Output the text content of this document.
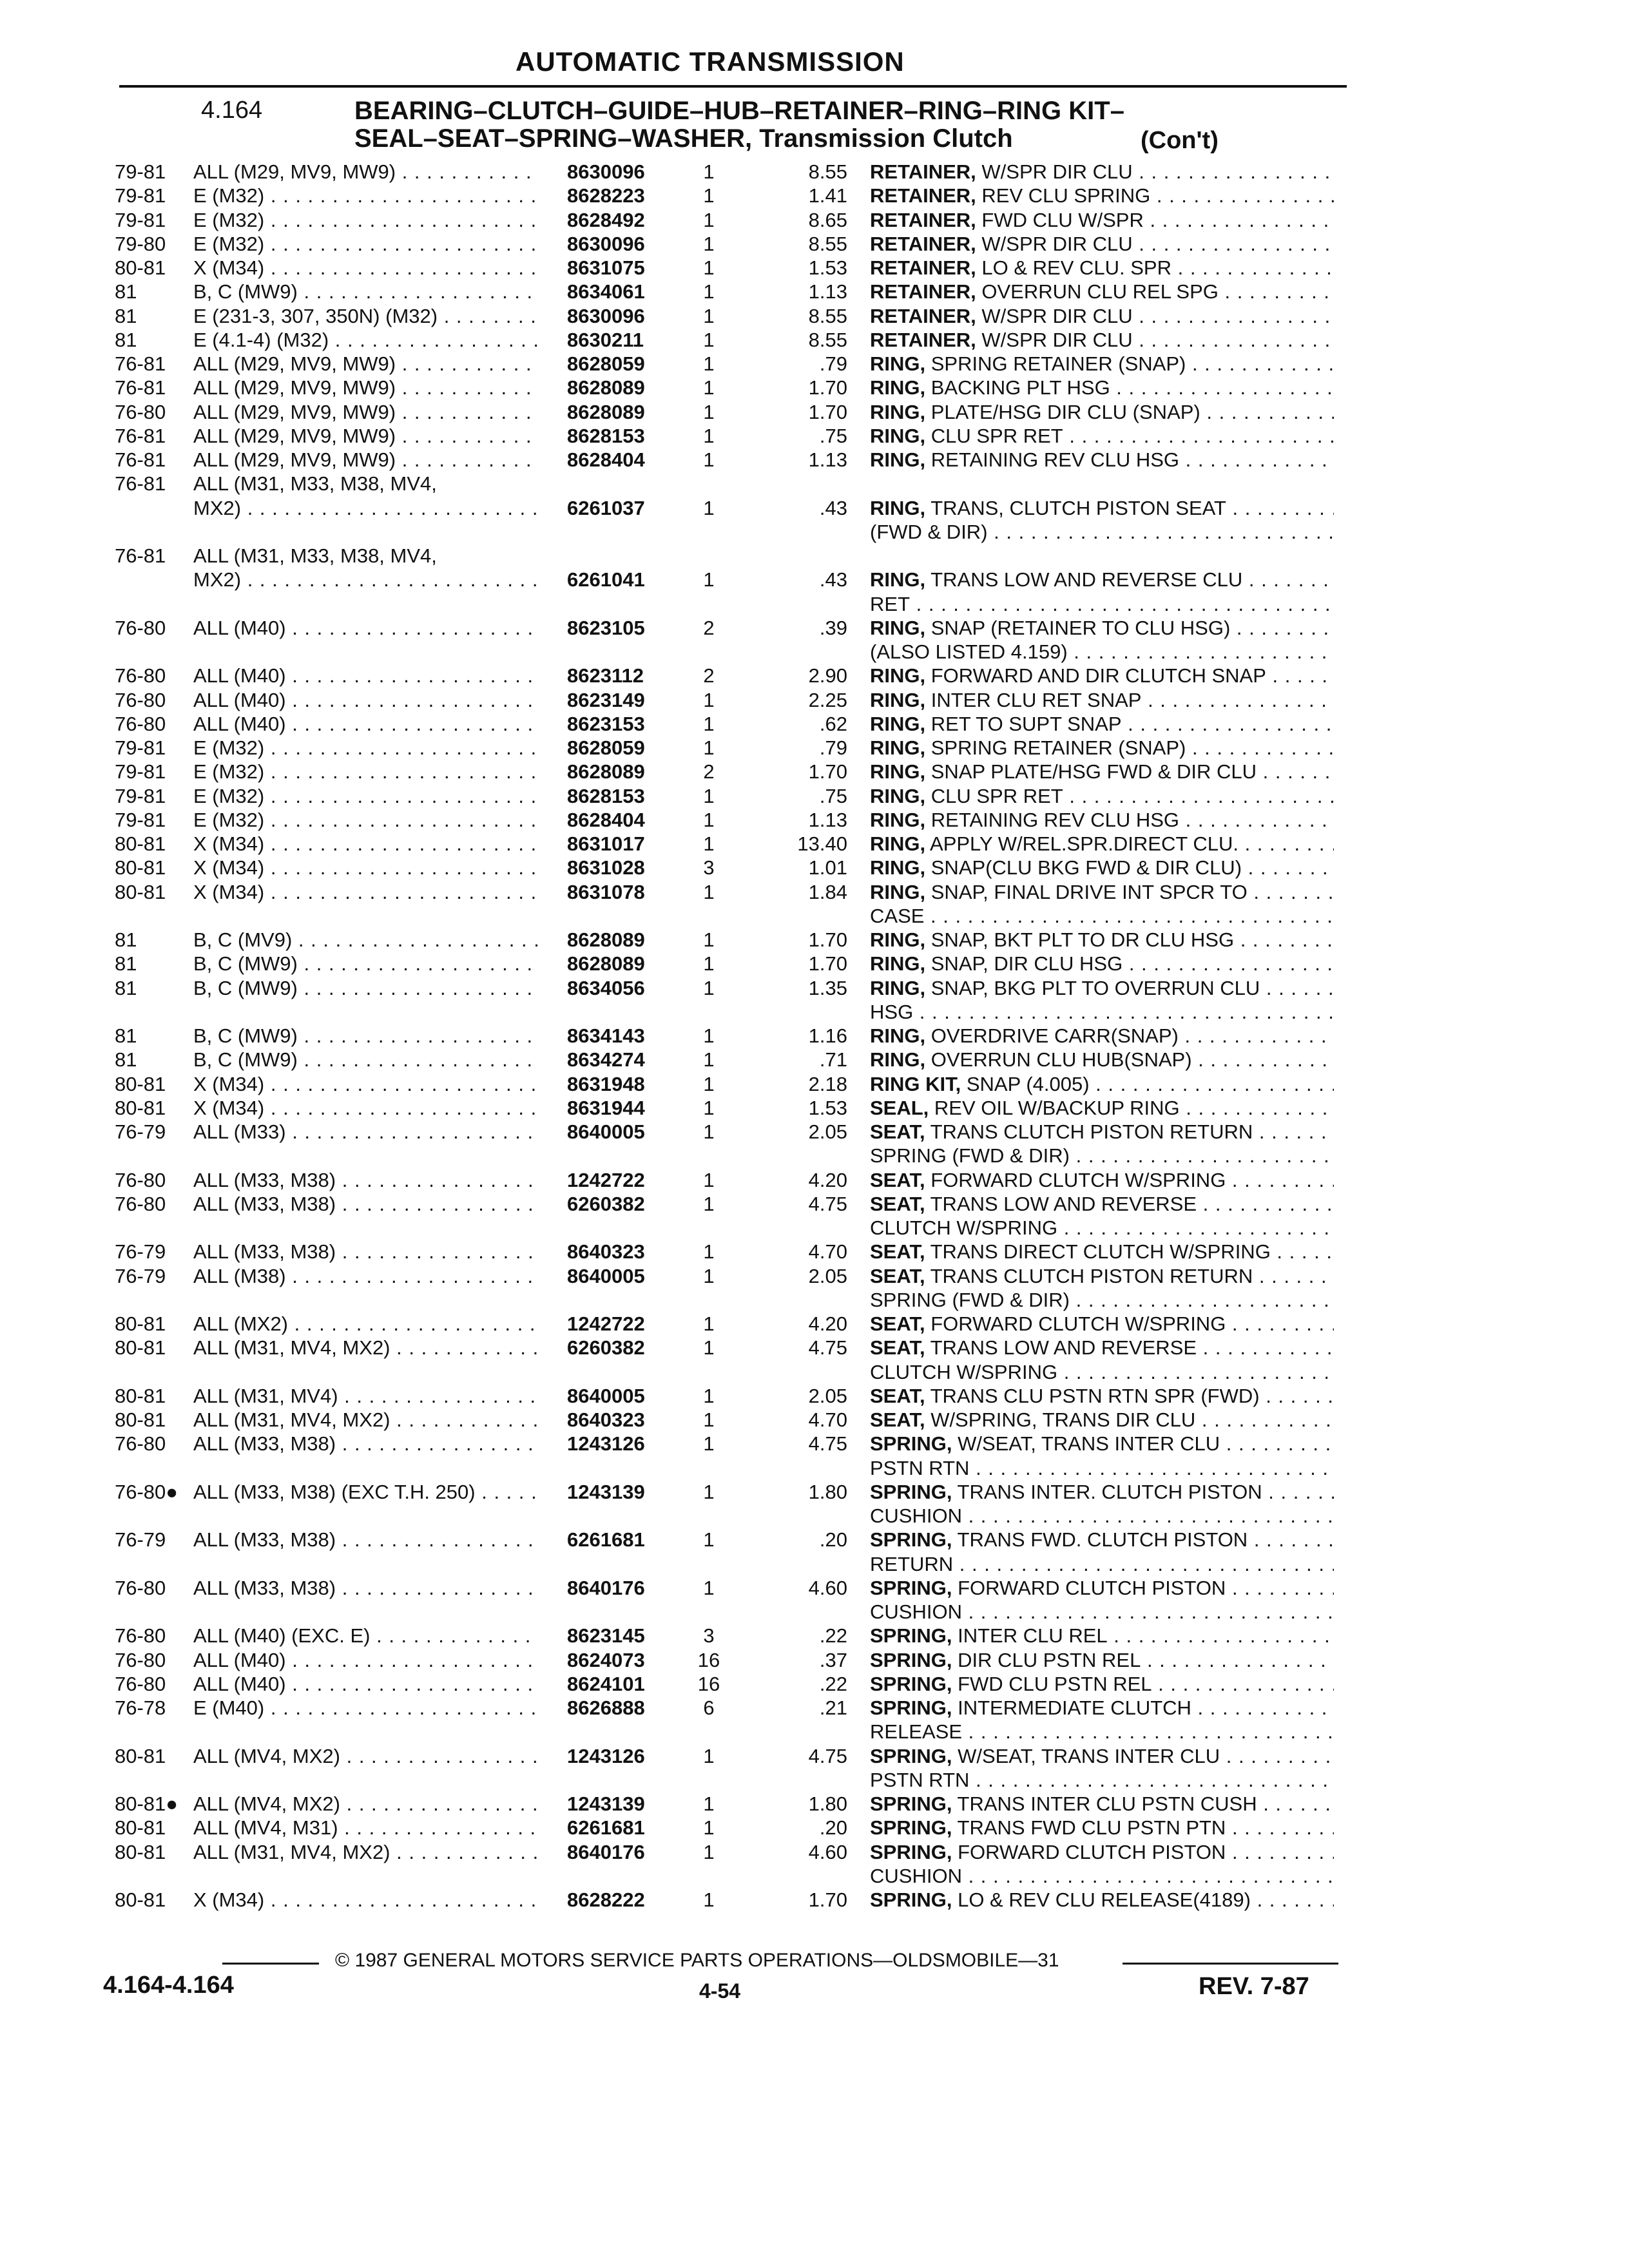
AUTOMATIC TRANSMISSION
4.164	BEARING–CLUTCH–GUIDE–HUB–RETAINER–RING–RING KIT–
SEAL–SEAT–SPRING–WASHER, Transmission Clutch	(Con't)
79-81 ALL (M29, MV9, MW9) . . .	8630096	1	8.55 RETAINER, W/SPR DIR CLU . . .
79-81 E (M32) . . .	8628223	1	1.41 RETAINER, REV CLU SPRING . . .
79-81 E (M32) . . .	8628492	1	8.65 RETAINER, FWD CLU W/SPR . . .
79-80 E (M32) . . .	8630096	1	8.55 RETAINER, W/SPR DIR CLU . . .
80-81 X (M34) . . .	8631075	1	1.53 RETAINER, LO & REV CLU. SPR . . .
81	B, C (MW9) . . .	8634061	1	1.13 RETAINER, OVERRUN CLU REL SPG . . .
81	E (231-3, 307, 350N) (M32) . . .	8630096	1	8.55 RETAINER, W/SPR DIR CLU . . .
81	E (4.1-4) (M32) . . .	8630211	1	8.55 RETAINER, W/SPR DIR CLU . . .
76-81 ALL (M29, MV9, MW9) . . .	8628059	1	.79 RING, SPRING RETAINER (SNAP) . . .
76-81 ALL (M29, MV9, MW9) . . .	8628089	1	1.70 RING, BACKING PLT HSG . . .
76-80 ALL (M29, MV9, MW9) . . .	8628089	1	1.70 RING, PLATE/HSG DIR CLU (SNAP) . . .
76-81 ALL (M29, MV9, MW9) . . .	8628153	1	.75 RING, CLU SPR RET . . .
76-81 ALL (M29, MV9, MW9) . . .	8628404	1	1.13 RING, RETAINING REV CLU HSG . . .
76-81 ALL (M31, M33, M38, MV4,
MX2) . . .	6261037	1	.43 RING, TRANS, CLUTCH PISTON SEAT . . .
(FWD & DIR) . . .
76-81 ALL (M31, M33, M38, MV4,
MX2) . . .	6261041	1	.43 RING, TRANS LOW AND REVERSE CLU . . .
RET . . .
76-80 ALL (M40) . . .	8623105	2	.39 RING, SNAP (RETAINER TO CLU HSG) . . .
(ALSO LISTED 4.159) . . .
76-80 ALL (M40) . . .	8623112	2	2.90 RING, FORWARD AND DIR CLUTCH SNAP . . .
76-80 ALL (M40) . . .	8623149	1	2.25 RING, INTER CLU RET SNAP . . .
76-80 ALL (M40) . . .	8623153	1	.62 RING, RET TO SUPT SNAP . . .
79-81 E (M32) . . .	8628059	1	.79 RING, SPRING RETAINER (SNAP) . . .
79-81 E (M32) . . .	8628089	2	1.70 RING, SNAP PLATE/HSG FWD & DIR CLU . . .
79-81 E (M32) . . .	8628153	1	.75 RING, CLU SPR RET . . .
79-81 E (M32) . . .	8628404	1	1.13 RING, RETAINING REV CLU HSG . . .
80-81 X (M34) . . .	8631017	1	13.40 RING, APPLY W/REL.SPR.DIRECT CLU. . . .
80-81 X (M34) . . .	8631028	3	1.01 RING, SNAP(CLU BKG FWD & DIR CLU) . . .
80-81 X (M34) . . .	8631078	1	1.84 RING, SNAP, FINAL DRIVE INT SPCR TO . . .
CASE . . .
81	B, C (MV9) . . .	8628089	1	1.70 RING, SNAP, BKT PLT TO DR CLU HSG . . .
81	B, C (MW9) . . .	8628089	1	1.70 RING, SNAP, DIR CLU HSG . . .
81	B, C (MW9) . . .	8634056	1	1.35 RING, SNAP, BKG PLT TO OVERRUN CLU . . .
HSG . . .
81	B, C (MW9) . . .	8634143	1	1.16 RING, OVERDRIVE CARR(SNAP) . . .
81	B, C (MW9) . . .	8634274	1	.71 RING, OVERRUN CLU HUB(SNAP) . . .
80-81 X (M34) . . .	8631948	1	2.18 RING KIT, SNAP (4.005) . . .
80-81 X (M34) . . .	8631944	1	1.53 SEAL, REV OIL W/BACKUP RING . . .
76-79 ALL (M33) . . .	8640005	1	2.05 SEAT, TRANS CLUTCH PISTON RETURN . . .
SPRING (FWD & DIR) . . .
76-80 ALL (M33, M38) . . .	1242722	1	4.20 SEAT, FORWARD CLUTCH W/SPRING . . .
76-80 ALL (M33, M38) . . .	6260382	1	4.75 SEAT, TRANS LOW AND REVERSE . . .
CLUTCH W/SPRING . . .
76-79 ALL (M33, M38) . . .	8640323	1	4.70 SEAT, TRANS DIRECT CLUTCH W/SPRING . . .
76-79 ALL (M38) . . .	8640005	1	2.05 SEAT, TRANS CLUTCH PISTON RETURN . . .
SPRING (FWD & DIR) . . .
80-81 ALL (MX2) . . .	1242722	1	4.20 SEAT, FORWARD CLUTCH W/SPRING . . .
80-81 ALL (M31, MV4, MX2) . . .	6260382	1	4.75 SEAT, TRANS LOW AND REVERSE . . .
CLUTCH W/SPRING . . .
80-81 ALL (M31, MV4) . . .	8640005	1	2.05 SEAT, TRANS CLU PSTN RTN SPR (FWD) . . .
80-81 ALL (M31, MV4, MX2) . . .	8640323	1	4.70 SEAT, W/SPRING, TRANS DIR CLU . . .
76-80 ALL (M33, M38) . . .	1243126	1	4.75 SPRING, W/SEAT, TRANS INTER CLU . . .
PSTN RTN . . .
76-80● ALL (M33, M38) (EXC T.H. 250) . . .	1243139	1	1.80 SPRING, TRANS INTER. CLUTCH PISTON . . .
CUSHION . . .
76-79 ALL (M33, M38) . . .	6261681	1	.20 SPRING, TRANS FWD. CLUTCH PISTON . . .
RETURN . . .
76-80 ALL (M33, M38) . . .	8640176	1	4.60 SPRING, FORWARD CLUTCH PISTON . . .
CUSHION . . .
76-80 ALL (M40) (EXC. E) . . .	8623145	3	.22 SPRING, INTER CLU REL . . .
76-80 ALL (M40) . . .	8624073	16	.37 SPRING, DIR CLU PSTN REL . . .
76-80 ALL (M40) . . .	8624101	16	.22 SPRING, FWD CLU PSTN REL . . .
76-78 E (M40) . . .	8626888	6	.21 SPRING, INTERMEDIATE CLUTCH . . .
RELEASE . . .
80-81 ALL (MV4, MX2) . . .	1243126	1	4.75 SPRING, W/SEAT, TRANS INTER CLU . . .
PSTN RTN . . .
80-81● ALL (MV4, MX2) . . .	1243139	1	1.80 SPRING, TRANS INTER CLU PSTN CUSH . . .
80-81 ALL (MV4, M31) . . .	6261681	1	.20 SPRING, TRANS FWD CLU PSTN PTN . . .
80-81 ALL (M31, MV4, MX2) . . .	8640176	1	4.60 SPRING, FORWARD CLUTCH PISTON . . .
CUSHION . . .
80-81 X (M34) . . .	8628222	1	1.70 SPRING, LO & REV CLU RELEASE(4189) . . .
© 1987 GENERAL MOTORS SERVICE PARTS OPERATIONS—OLDSMOBILE—31
4.164-4.164	4-54	REV. 7-87
